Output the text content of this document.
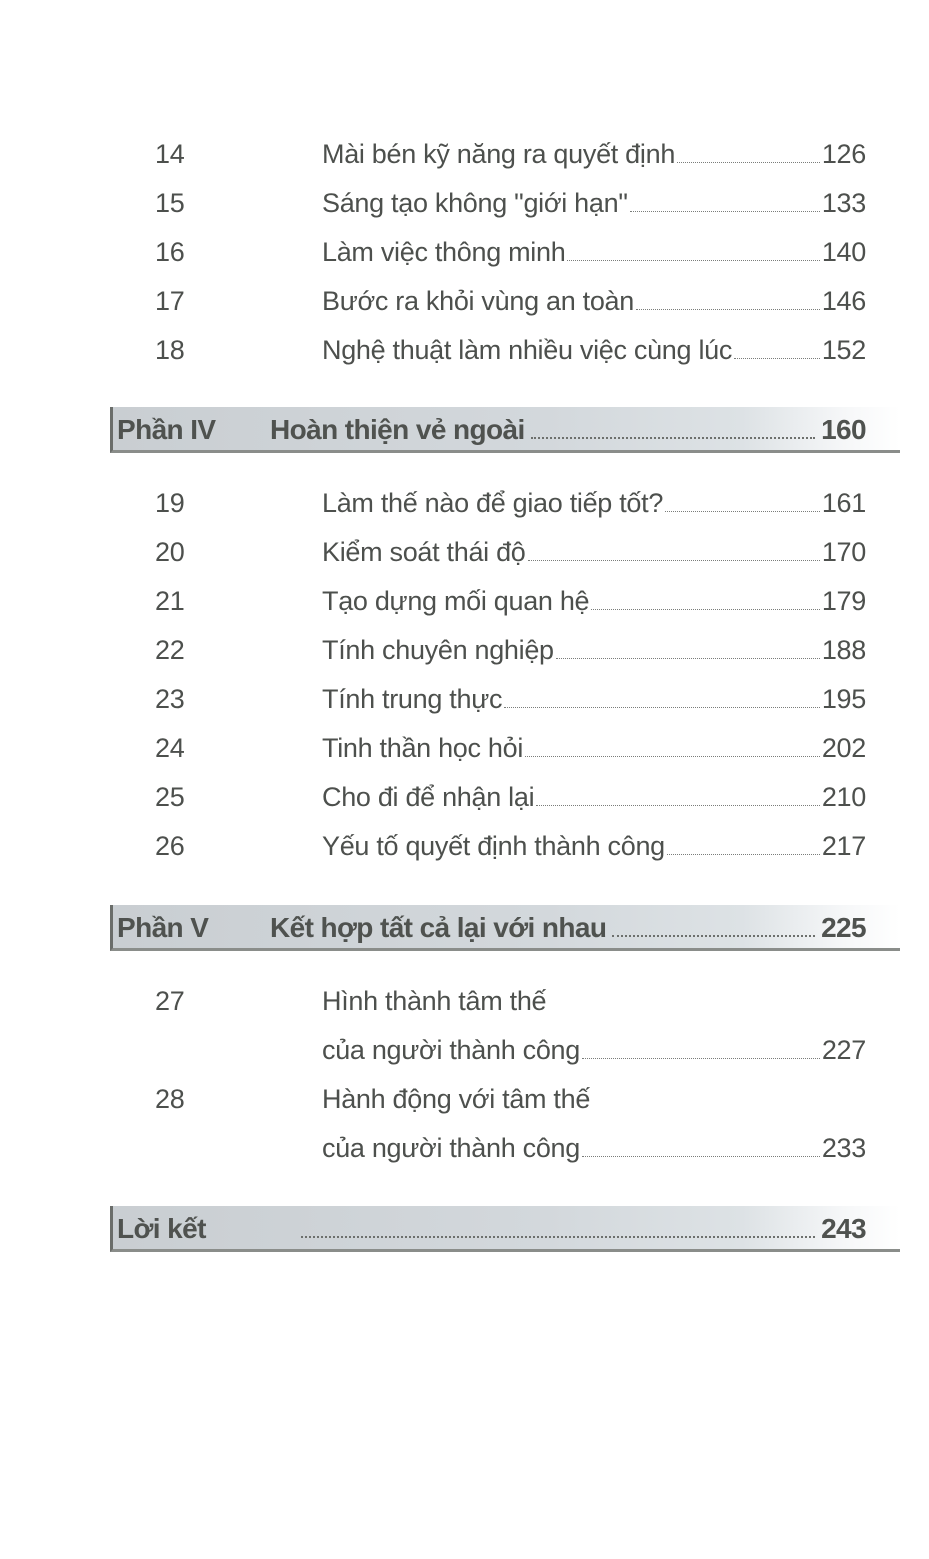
14	Mài bén kỹ năng ra quyết định	126
15	Sáng tạo không "giới hạn"	133
16	Làm việc thông minh	140
17	Bước ra khỏi vùng an toàn	146
18	Nghệ thuật làm nhiều việc cùng lúc	152
Phần IV Hoàn thiện vẻ ngoài	160
19	Làm thế nào để giao tiếp tốt?	161
20	Kiểm soát thái độ	170
21	Tạo dựng mối quan hệ	179
22	Tính chuyên nghiệp	188
23	Tính trung thực	195
24	Tinh thần học hỏi	202
25	Cho đi để nhận lại	210
26	Yếu tố quyết định thành công	217
Phần V Kết hợp tất cả lại với nhau	225
27	Hình thành tâm thế
của người thành công	227
28	Hành động với tâm thế
của người thành công	233
Lời kết	243
